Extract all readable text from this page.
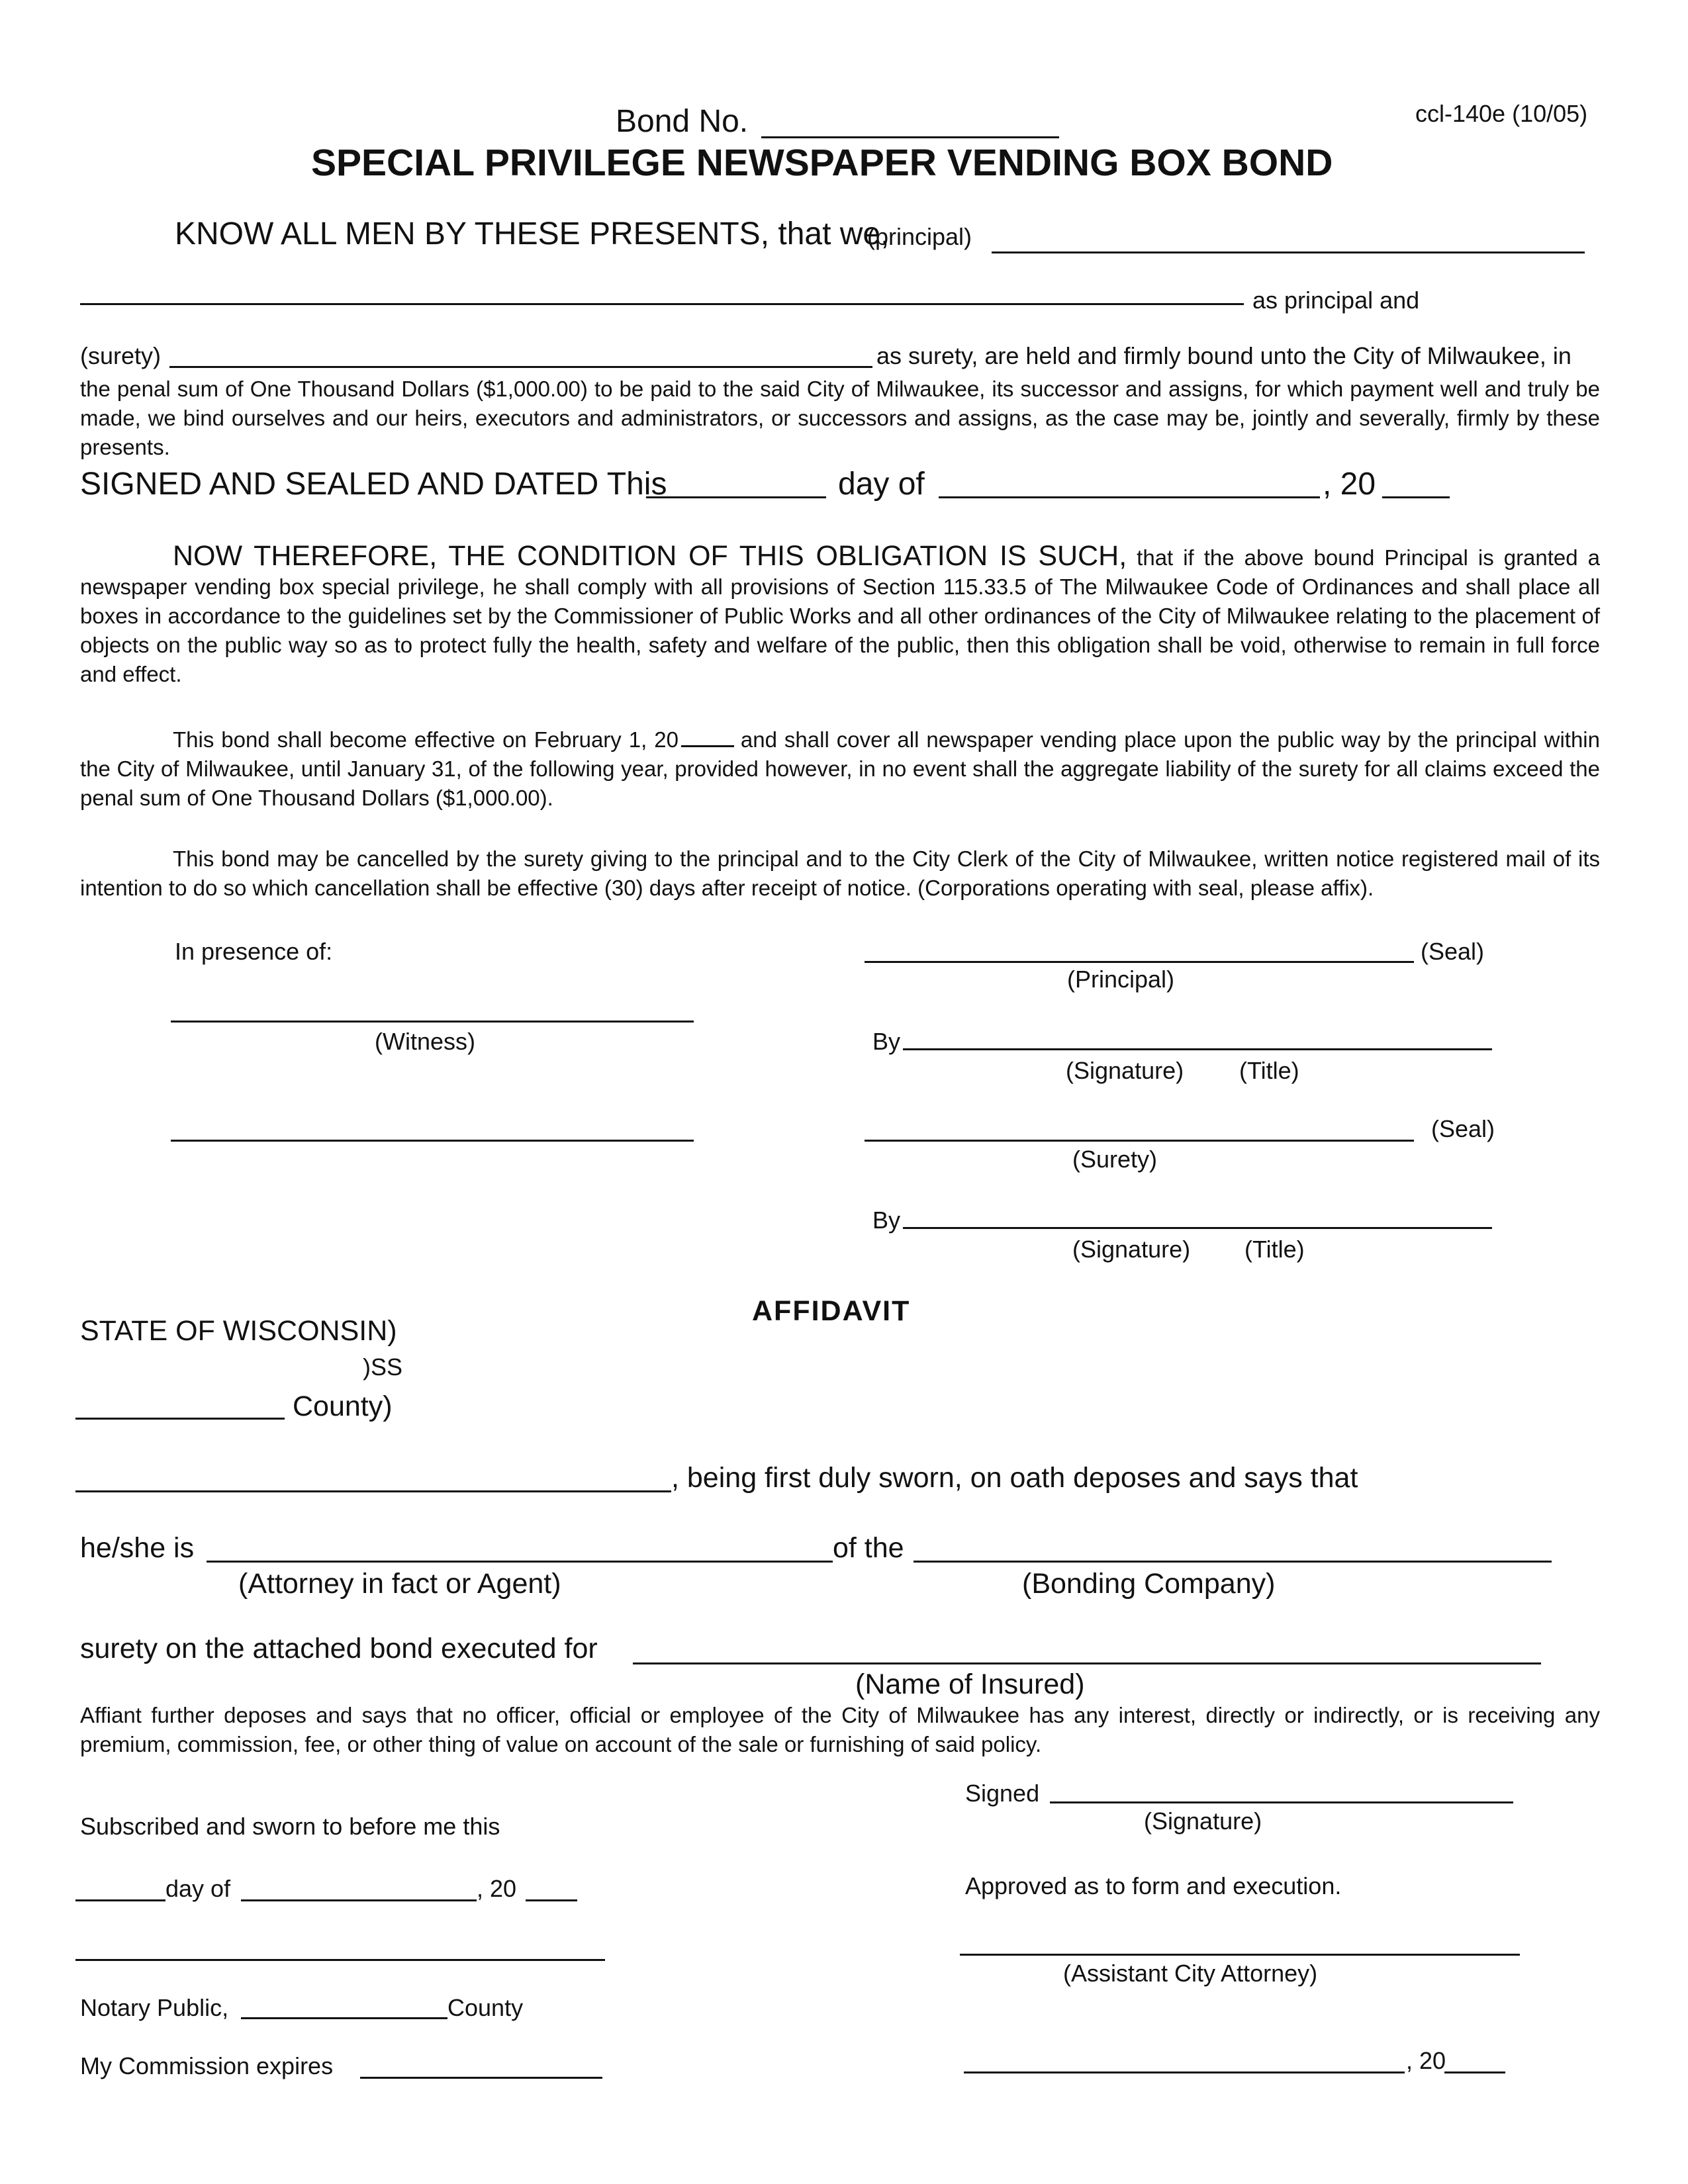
Bond No.	ccl-140e (10/05)
SPECIAL PRIVILEGE NEWSPAPER VENDING BOX BOND
KNOW ALL MEN BY THESE PRESENTS, that we,
(principal)
as principal and
(surety)	as surety, are held and firmly bound unto the City of Milwaukee, in
the penal sum of One Thousand Dollars ($1,000.00) to be paid to the said City of Milwaukee, its successor and assigns, for which payment well and truly be made, we bind ourselves and our heirs, executors and administrators, or successors and assigns, as the case may be, jointly and severally, firmly by these presents.
SIGNED AND SEALED AND DATED This	day of	, 20
NOW THEREFORE, THE CONDITION OF THIS OBLIGATION IS SUCH, that if the above bound Principal is granted a newspaper vending box special privilege, he shall comply with all provisions of Section 115.33.5 of The Milwaukee Code of Ordinances and shall place all boxes in accordance to the guidelines set by the Commissioner of Public Works and all other ordinances of the City of Milwaukee relating to the placement of objects on the public way so as to protect fully the health, safety and welfare of the public, then this obligation shall be void, otherwise to remain in full force and effect.
This bond shall become effective on February 1, 20	and shall cover all newspaper vending place upon the public way by the principal within the City of Milwaukee, until January 31, of the following year, provided however, in no event shall the aggregate liability of the surety for all claims exceed the penal sum of One Thousand Dollars ($1,000.00).
This bond may be cancelled by the surety giving to the principal and to the City Clerk of the City of Milwaukee, written notice registered mail of its intention to do so which cancellation shall be effective (30) days after receipt of notice. (Corporations operating with seal, please affix).
In presence of:	(Seal)
(Principal)
(Witness)	By
(Signature) (Title)
(Seal)
(Surety)
By
(Signature) (Title)
AFFIDAVIT
STATE OF WISCONSIN)
)SS
County)
, being first duly sworn, on oath deposes and says that
he/she is	of the
(Attorney in fact or Agent)	(Bonding Company)
surety on the attached bond executed for
(Name of Insured)
Affiant further deposes and says that no officer, official or employee of the City of Milwaukee has any interest, directly or indirectly, or is receiving any premium, commission, fee, or other thing of value on account of the sale or furnishing of said policy.
Signed
(Signature)
Subscribed and sworn to before me this
day of	, 20	Approved as to form and execution.
(Assistant City Attorney)
Notary Public,	County
My Commission expires	, 20
